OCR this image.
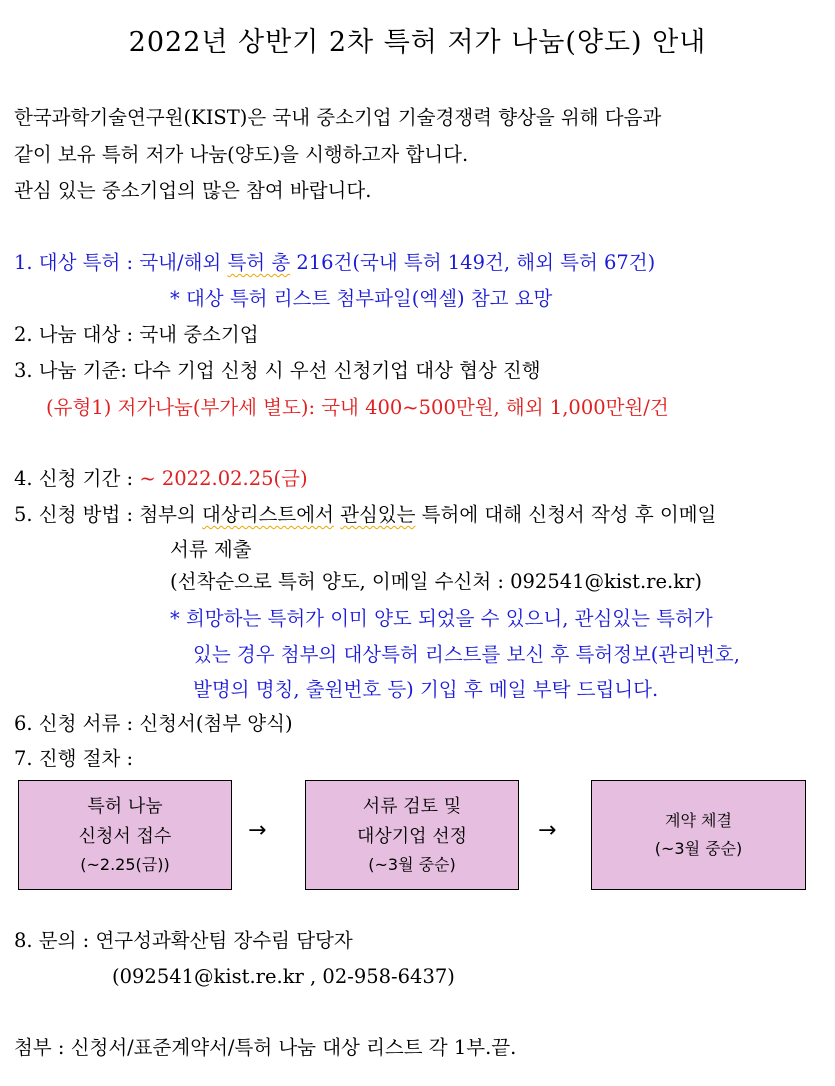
2022년 상반기 2차 특허 저가 나눔(양도) 안내
한국과학기술연구원(KIST)은 국내 중소기업 기술경쟁력 향상을 위해 다음과
같이 보유 특허 저가 나눔(양도)을 시행하고자 합니다.
관심 있는 중소기업의 많은 참여 바랍니다.
1. 대상 특허 : 국내/해외 특허 총 216건(국내 특허 149건, 해외 특허 67건)
* 대상 특허 리스트 첨부파일(엑셀) 참고 요망
2. 나눔 대상 : 국내 중소기업
3. 나눔 기준: 다수 기업 신청 시 우선 신청기업 대상 협상 진행
(유형1) 저가나눔(부가세 별도): 국내 400~500만원, 해외 1,000만원/건
4. 신청 기간 : ~ 2022.02.25(금)
5. 신청 방법 : 첨부의 대상리스트에서 관심있는 특허에 대해 신청서 작성 후 이메일
서류 제출
(선착순으로 특허 양도, 이메일 수신처 : 092541@kist.re.kr)
* 희망하는 특허가 이미 양도 되었을 수 있으니, 관심있는 특허가
있는 경우 첨부의 대상특허 리스트를 보신 후 특허정보(관리번호,
발명의 명칭, 출원번호 등) 기입 후 메일 부탁 드립니다.
6. 신청 서류 : 신청서(첨부 양식)
7. 진행 절차 :
특허 나눔
신청서 접수
(~2.25(금))
→
서류 검토 및
대상기업 선정
(~3월 중순)
→	계약 체결
(~3월 중순)
8. 문의 : 연구성과확산팀 장수림 담당자
(092541@kist.re.kr , 02-958-6437)
첨부 : 신청서/표준계약서/특허 나눔 대상 리스트 각 1부.끝.
